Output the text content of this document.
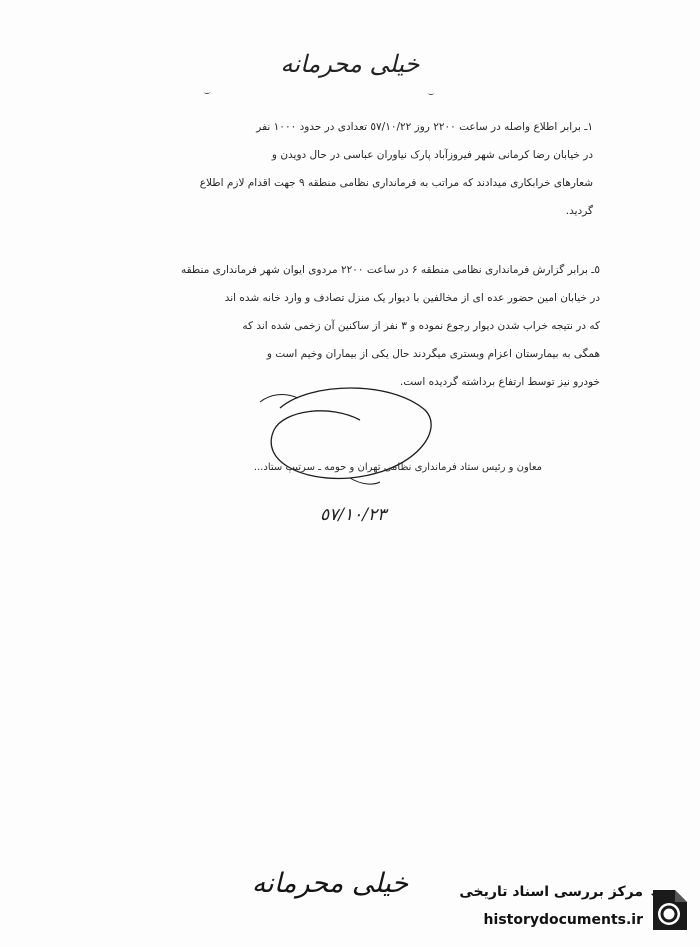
خیلی محرمانه
١ـ برابر اطلاع واصله در ساعت ٢٢٠٠ روز ٥٧/١٠/٢٢ تعدادی در حدود ١٠٠٠ نفر
در خیابان رضا کرمانی شهر فیروزآباد پارک نیاوران عباسی در حال دویدن و
شعارهای خرابکاری میدادند که مراتب به فرمانداری نظامی منطقه ۹ جهت اقدام لازم اطلاع
گردید.
٥ـ برابر گزارش فرمانداری نظامی منطقه ۶ در ساعت ٢٢٠٠ مردوی ایوان شهر فرمانداری منطقه
در خیابان امین حضور عده ای از مخالفین با دیوار یک منزل تصادف و وارد خانه شده اند
که در نتیجه خراب شدن دیوار رجوع نموده و ۳ نفر از ساکنین آن زخمی شده اند که
همگی به بیمارستان اعزام وبستری میگردند حال یکی از بیماران وخیم است و
خودرو نیز توسط ارتفاع برداشته گردیده است.
معاون و رئیس ستاد فرمانداری نظامی تهران و حومه ـ سرتیپ ستاد...
٥٧/١٠/٢٣
خیلی محرمانه	مرکز بررسی اسناد تاریخی
historydocuments.ir
